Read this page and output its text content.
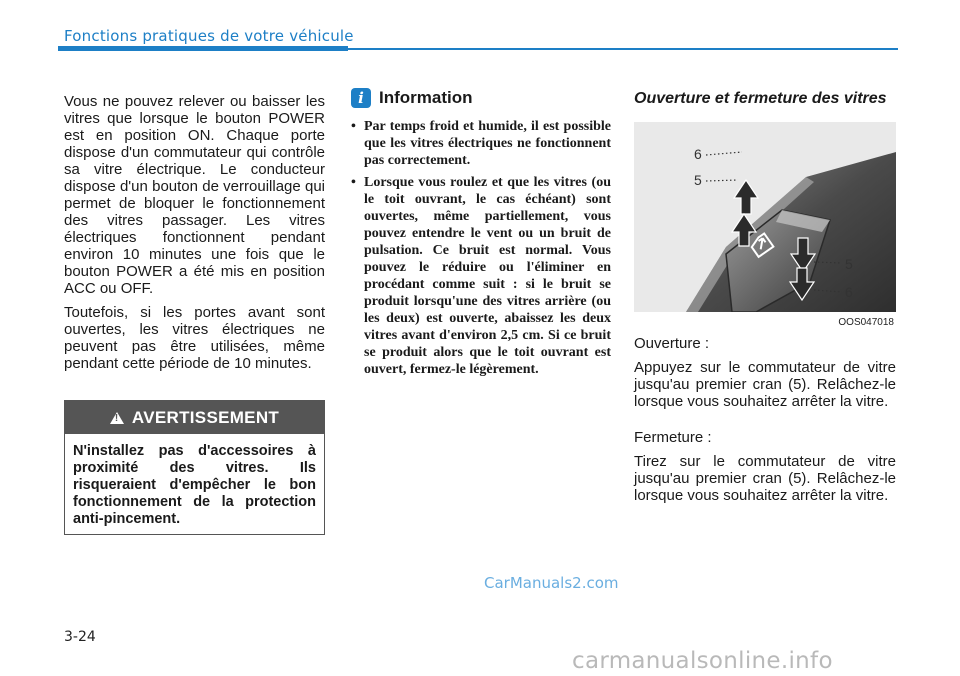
Fonctions pratiques de votre véhicule

Vous ne pouvez relever ou baisser les vitres que lorsque le bouton POWER est en position ON. Chaque porte dispose d'un commutateur qui contrôle sa vitre électrique. Le conducteur dispose d'un bouton de verrouillage qui permet de bloquer le fonctionnement des vitres passager. Les vitres électriques fonctionnent pendant environ 10 minutes une fois que le bouton POWER a été mis en position ACC ou OFF.

Toutefois, si les portes avant sont ouvertes, les vitres électriques ne peuvent pas être utilisées, même pendant cette période de 10 minutes.

!
AVERTISSEMENT
N'installez pas d'accessoires à proximité des vitres. Ils risqueraient d'empêcher le bon fonctionnement de la protection anti-pincement.
i Information
• Par temps froid et humide, il est possible que les vitres électriques ne fonctionnent pas correctement.
• Lorsque vous roulez et que les vitres (ou le toit ouvrant, le cas échéant) sont ouvertes, même partiellement, vous pouvez entendre le vent ou un bruit de pulsation. Ce bruit est normal. Vous pouvez le réduire ou l'éliminer en procédant comme suit : si le bruit se produit lorsqu'une des vitres arrière (ou les deux) est ouverte, abaissez les deux vitres avant d'environ 2,5 cm. Si ce bruit se produit alors que le toit ouvrant est ouvert, fermez-le légèrement.
Ouverture et fermeture des vitres
6
5
5
6
OOS047018

Ouverture :

Appuyez sur le commutateur de vitre jusqu'au premier cran (5). Relâchez-le lorsque vous souhaitez arrêter la vitre.

Fermeture :

Tirez sur le commutateur de vitre jusqu'au premier cran (5). Relâchez-le lorsque vous souhaitez arrêter la vitre.

CarManuals2.com
3-24
carmanualsonline.info
